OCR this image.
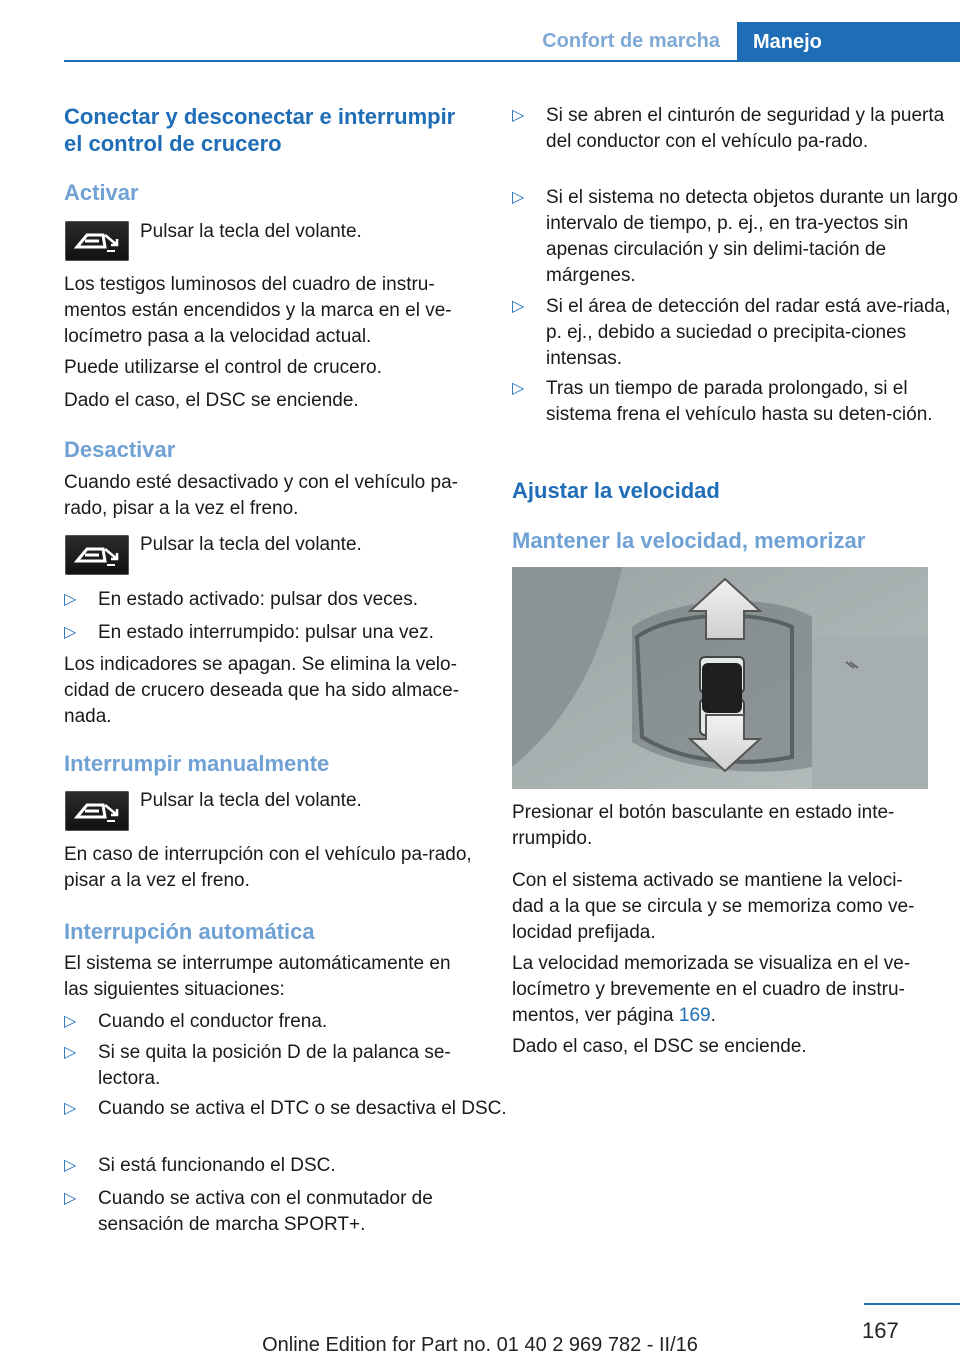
Confort de marcha	Manejo
Conectar y desconectar e interrumpir el control de crucero
Activar
Pulsar la tecla del volante.
Los testigos luminosos del cuadro de instru-mentos están encendidos y la marca en el ve-locímetro pasa a la velocidad actual.
Puede utilizarse el control de crucero.
Dado el caso, el DSC se enciende.
Desactivar
Cuando esté desactivado y con el vehículo pa-rado, pisar a la vez el freno.
Pulsar la tecla del volante.
▷ En estado activado: pulsar dos veces.
▷ En estado interrumpido: pulsar una vez.
Los indicadores se apagan. Se elimina la velo-cidad de crucero deseada que ha sido almace-nada.
Interrumpir manualmente
Pulsar la tecla del volante.
En caso de interrupción con el vehículo pa-rado, pisar a la vez el freno.
Interrupción automática
El sistema se interrumpe automáticamente en las siguientes situaciones:
▷ Cuando el conductor frena.
▷ Si se quita la posición D de la palanca se-lectora.
▷ Cuando se activa el DTC o se desactiva el DSC.
▷ Si está funcionando el DSC.
▷ Cuando se activa con el conmutador de sensación de marcha SPORT+.
▷ Si se abren el cinturón de seguridad y la puerta del conductor con el vehículo pa-rado.
▷ Si el sistema no detecta objetos durante un largo intervalo de tiempo, p. ej., en tra-yectos sin apenas circulación y sin delimi-tación de márgenes.
▷ Si el área de detección del radar está ave-riada, p. ej., debido a suciedad o precipita-ciones intensas.
▷ Tras un tiempo de parada prolongado, si el sistema frena el vehículo hasta su deten-ción.
Ajustar la velocidad
Mantener la velocidad, memorizar
Presionar el botón basculante en estado inte-rrumpido.
Con el sistema activado se mantiene la veloci-dad a la que se circula y se memoriza como ve-locidad prefijada.
La velocidad memorizada se visualiza en el ve-locímetro y brevemente en el cuadro de instru-mentos, ver página 169.
Dado el caso, el DSC se enciende.
167
Online Edition for Part no. 01 40 2 969 782 - II/16
